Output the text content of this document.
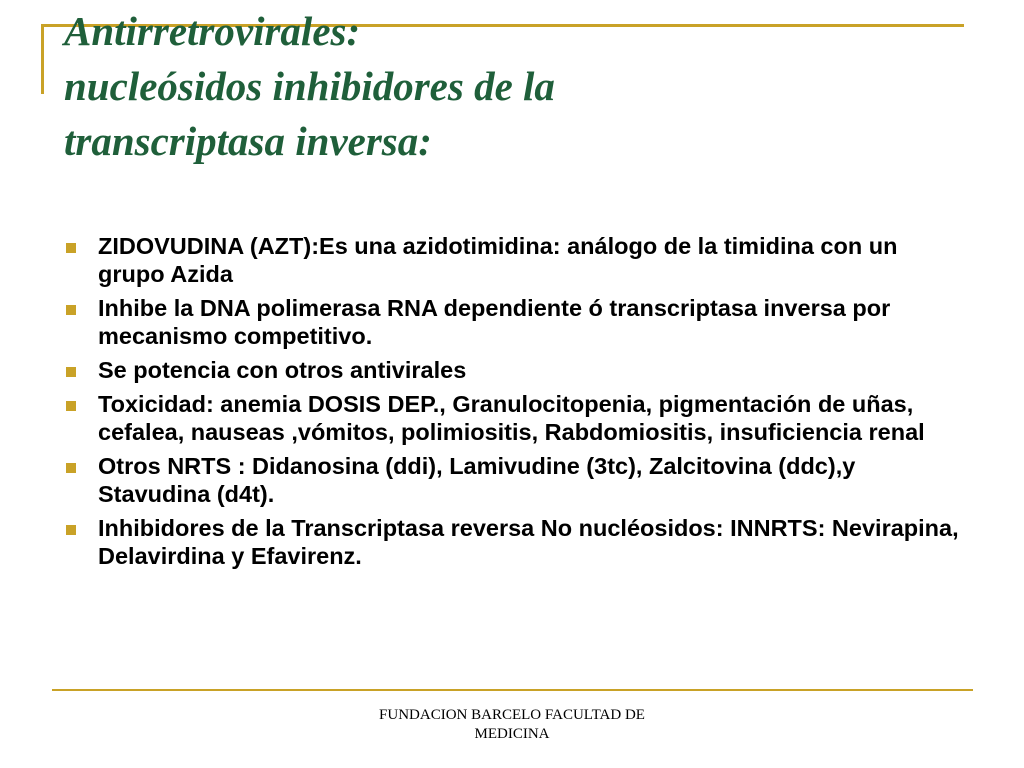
Antirretrovirales:
nucleósidos inhibidores de la
transcriptasa inversa:
ZIDOVUDINA (AZT):Es una azidotimidina: análogo de la timidina con un grupo Azida
Inhibe la DNA polimerasa RNA dependiente ó transcriptasa inversa por mecanismo competitivo.
Se potencia con otros antivirales
Toxicidad: anemia DOSIS DEP., Granulocitopenia, pigmentación de uñas, cefalea, nauseas ,vómitos, polimiositis, Rabdomiositis, insuficiencia renal
Otros NRTS : Didanosina (ddi), Lamivudine (3tc), Zalcitovina (ddc),y Stavudina (d4t).
Inhibidores de la Transcriptasa reversa No nucléosidos: INNRTS: Nevirapina, Delavirdina y Efavirenz.
FUNDACION BARCELO FACULTAD DE
MEDICINA
